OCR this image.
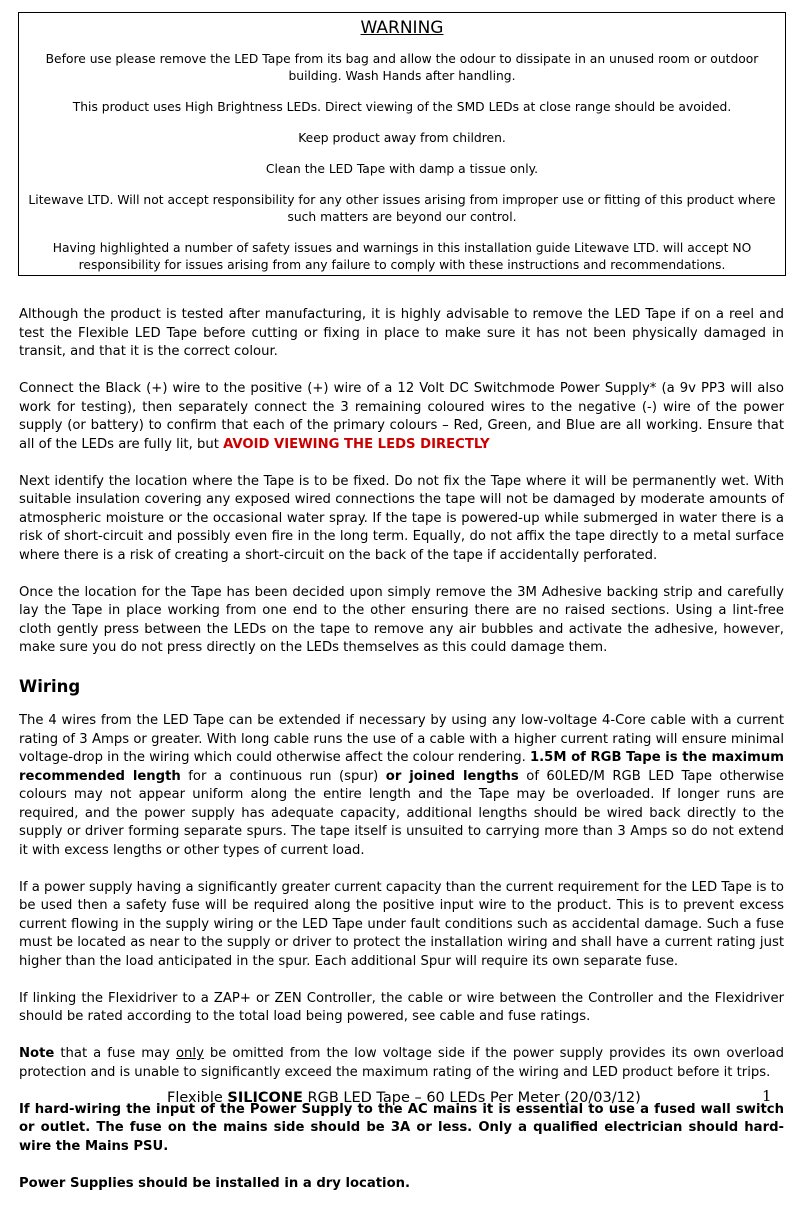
WARNING

Before use please remove the LED Tape from its bag and allow the odour to dissipate in an unused room or outdoor building. Wash Hands after handling.

This product uses High Brightness LEDs. Direct viewing of the SMD LEDs at close range should be avoided.

Keep product away from children.

Clean the LED Tape with damp a tissue only.

Litewave LTD. Will not accept responsibility for any other issues arising from improper use or fitting of this product where such matters are beyond our control.

Having highlighted a number of safety issues and warnings in this installation guide Litewave LTD. will accept NO responsibility for issues arising from any failure to comply with these instructions and recommendations.

Although the product is tested after manufacturing, it is highly advisable to remove the LED Tape if on a reel and test the Flexible LED Tape before cutting or fixing in place to make sure it has not been physically damaged in transit, and that it is the correct colour.

Connect the Black (+) wire to the positive (+) wire of a 12 Volt DC Switchmode Power Supply* (a 9v PP3 will also work for testing), then separately connect the 3 remaining coloured wires to the negative (-) wire of the power supply (or battery) to confirm that each of the primary colours – Red, Green, and Blue are all working. Ensure that all of the LEDs are fully lit, but AVOID VIEWING THE LEDS DIRECTLY

Next identify the location where the Tape is to be fixed. Do not fix the Tape where it will be permanently wet. With suitable insulation covering any exposed wired connections the tape will not be damaged by moderate amounts of atmospheric moisture or the occasional water spray. If the tape is powered-up while submerged in water there is a risk of short-circuit and possibly even fire in the long term. Equally, do not affix the tape directly to a metal surface where there is a risk of creating a short-circuit on the back of the tape if accidentally perforated.

Once the location for the Tape has been decided upon simply remove the 3M Adhesive backing strip and carefully lay the Tape in place working from one end to the other ensuring there are no raised sections. Using a lint-free cloth gently press between the LEDs on the tape to remove any air bubbles and activate the adhesive, however, make sure you do not press directly on the LEDs themselves as this could damage them.

Wiring

The 4 wires from the LED Tape can be extended if necessary by using any low-voltage 4-Core cable with a current rating of 3 Amps or greater. With long cable runs the use of a cable with a higher current rating will ensure minimal voltage-drop in the wiring which could otherwise affect the colour rendering. 1.5M of RGB Tape is the maximum recommended length for a continuous run (spur) or joined lengths of 60LED/M RGB LED Tape otherwise colours may not appear uniform along the entire length and the Tape may be overloaded. If longer runs are required, and the power supply has adequate capacity, additional lengths should be wired back directly to the supply or driver forming separate spurs. The tape itself is unsuited to carrying more than 3 Amps so do not extend it with excess lengths or other types of current load.

If a power supply having a significantly greater current capacity than the current requirement for the LED Tape is to be used then a safety fuse will be required along the positive input wire to the product. This is to prevent excess current flowing in the supply wiring or the LED Tape under fault conditions such as accidental damage. Such a fuse must be located as near to the supply or driver to protect the installation wiring and shall have a current rating just higher than the load anticipated in the spur. Each additional Spur will require its own separate fuse.

If linking the Flexidriver to a ZAP+ or ZEN Controller, the cable or wire between the Controller and the Flexidriver should be rated according to the total load being powered, see cable and fuse ratings.

Note that a fuse may only be omitted from the low voltage side if the power supply provides its own overload protection and is unable to significantly exceed the maximum rating of the wiring and LED product before it trips.

If hard-wiring the input of the Power Supply to the AC mains it is essential to use a fused wall switch or outlet. The fuse on the mains side should be 3A or less. Only a qualified electrician should hard-wire the Mains PSU.

Power Supplies should be installed in a dry location.

Flexible SILICONE RGB LED Tape – 60 LEDs Per Meter (20/03/12)	1
